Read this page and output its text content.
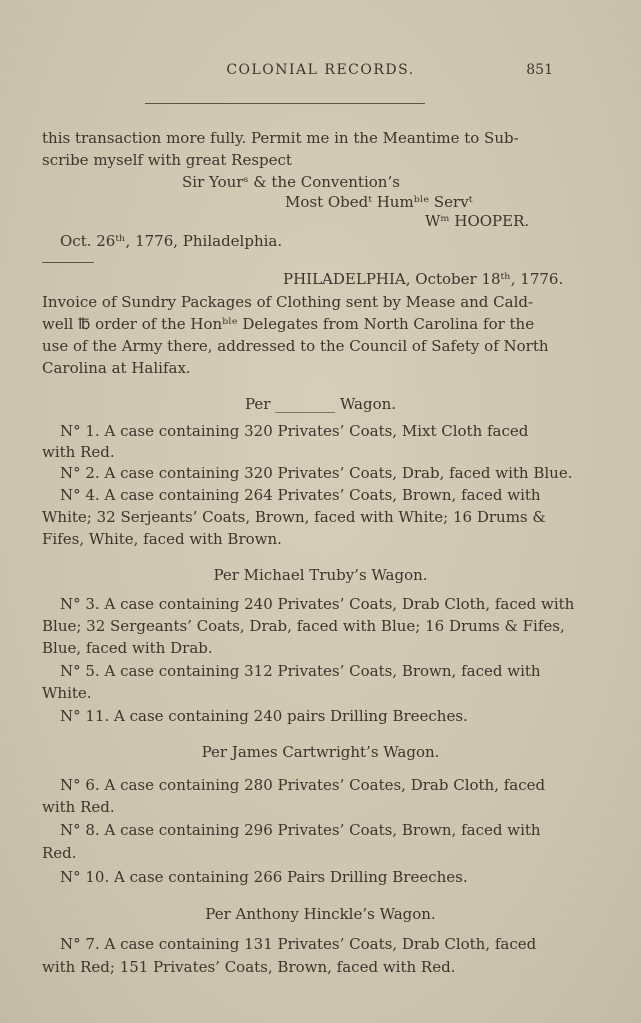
COLONIAL RECORDS.	851
this transaction more fully. Permit me in the Meantime to Sub-
scribe myself with great Respect
Sir Yourˢ & the Convention’s
Most Obedᵗ Humᵇˡᵉ Servᵗ
Wᵐ HOOPER.
Oct. 26ᵗʰ, 1776, Philadelphia.
PHILADELPHIA, October 18ᵗʰ, 1776.
Invoice of Sundry Packages of Clothing sent by Mease and Cald-
well ℔ order of the Honᵇˡᵉ Delegates from North Carolina for the
use of the Army there, addressed to the Council of Safety of North
Carolina at Halifax.
Per ________ Wagon.
N° 1. A case containing 320 Privates’ Coats, Mixt Cloth faced
with Red.
N° 2. A case containing 320 Privates’ Coats, Drab, faced with Blue.
N° 4. A case containing 264 Privates’ Coats, Brown, faced with
White; 32 Serjeants’ Coats, Brown, faced with White; 16 Drums &
Fifes, White, faced with Brown.
Per Michael Truby’s Wagon.
N° 3. A case containing 240 Privates’ Coats, Drab Cloth, faced with
Blue; 32 Sergeants’ Coats, Drab, faced with Blue; 16 Drums & Fifes,
Blue, faced with Drab.
N° 5. A case containing 312 Privates’ Coats, Brown, faced with
White.
N° 11. A case containing 240 pairs Drilling Breeches.
Per James Cartwright’s Wagon.
N° 6. A case containing 280 Privates’ Coates, Drab Cloth, faced
with Red.
N° 8. A case containing 296 Privates’ Coats, Brown, faced with
Red.
N° 10. A case containing 266 Pairs Drilling Breeches.
Per Anthony Hinckle’s Wagon.
N° 7. A case containing 131 Privates’ Coats, Drab Cloth, faced
with Red; 151 Privates’ Coats, Brown, faced with Red.
